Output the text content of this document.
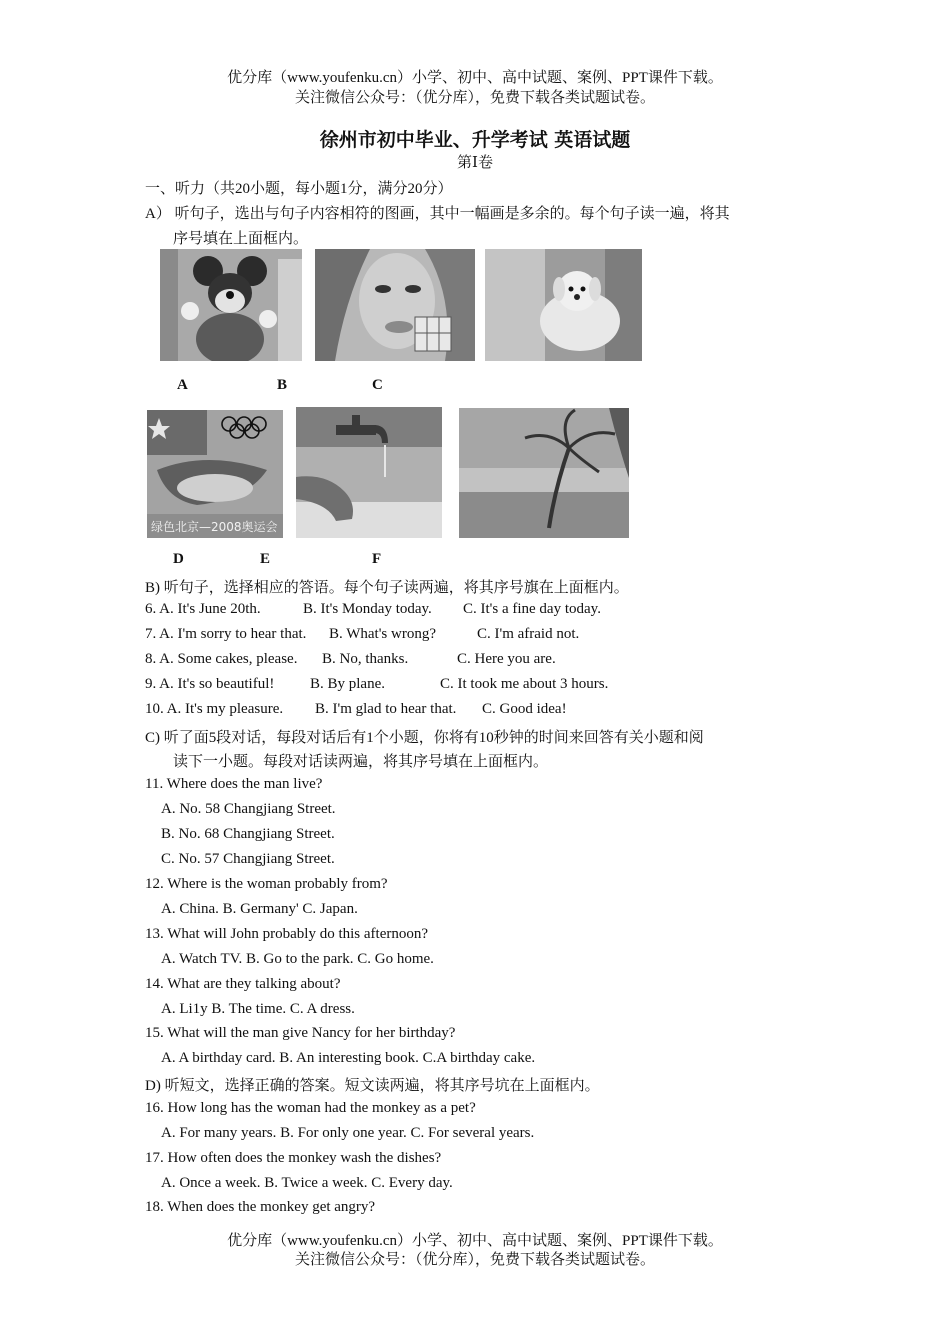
优分库（www.youfenku.cn）小学、初中、高中试题、案例、PPT课件下载。
关注微信公众号：（优分库），免费下载各类试题试卷。
徐州市初中毕业、升学考试 英语试题
第Ⅰ卷
一、听力（共20小题，每小题1分，满分20分）
A） 听句子，选出与句子内容相符的图画，其中一幅画是多余的。每个句子读一遍，将其
序号填在上面框内。
A	B	C
绿色北京—2008奥运会
D	E	F
B) 听句子，选择相应的答语。每个句子读两遍，将其序号旗在上面框内。
6. A. It's June 20th.	B. It's Monday today. C. It's a fine day today.
7. A. I'm sorry to hear that. B. What's wrong?	C. I'm afraid not.
8. A. Some cakes, please. B. No, thanks.	C. Here you are.
9. A. It's so beautiful! B. By plane.	C. It took me about 3 hours.
10. A. It's my pleasure. B. I'm glad to hear that. C. Good idea!
C) 听了面5段对话，每段对话后有1个小题，你将有10秒钟的时间来回答有关小题和阅
读下一小题。每段对话读两遍，将其序号填在上面框内。
11. Where does the man live?
A. No. 58 Changjiang Street.
B. No. 68 Changjiang Street.
C. No. 57 Changjiang Street.
12. Where is the woman probably from?
A. China. B. Germany' C. Japan.
13. What will John probably do this afternoon?
A. Watch TV. B. Go to the park. C. Go home.
14. What are they talking about?
A. Li1y B. The time. C. A dress.
15. What will the man give Nancy for her birthday?
A. A birthday card. B. An interesting book. C.A birthday cake.
D) 听短文，选择正确的答案。短文读两遍，将其序号坑在上面框内。
16. How long has the woman had the monkey as a pet?
A. For many years. B. For only one year. C. For several years.
17. How often does the monkey wash the dishes?
A. Once a week. B. Twice a week. C. Every day.
18. When does the monkey get angry?
优分库（www.youfenku.cn）小学、初中、高中试题、案例、PPT课件下载。
关注微信公众号：（优分库），免费下载各类试题试卷。
